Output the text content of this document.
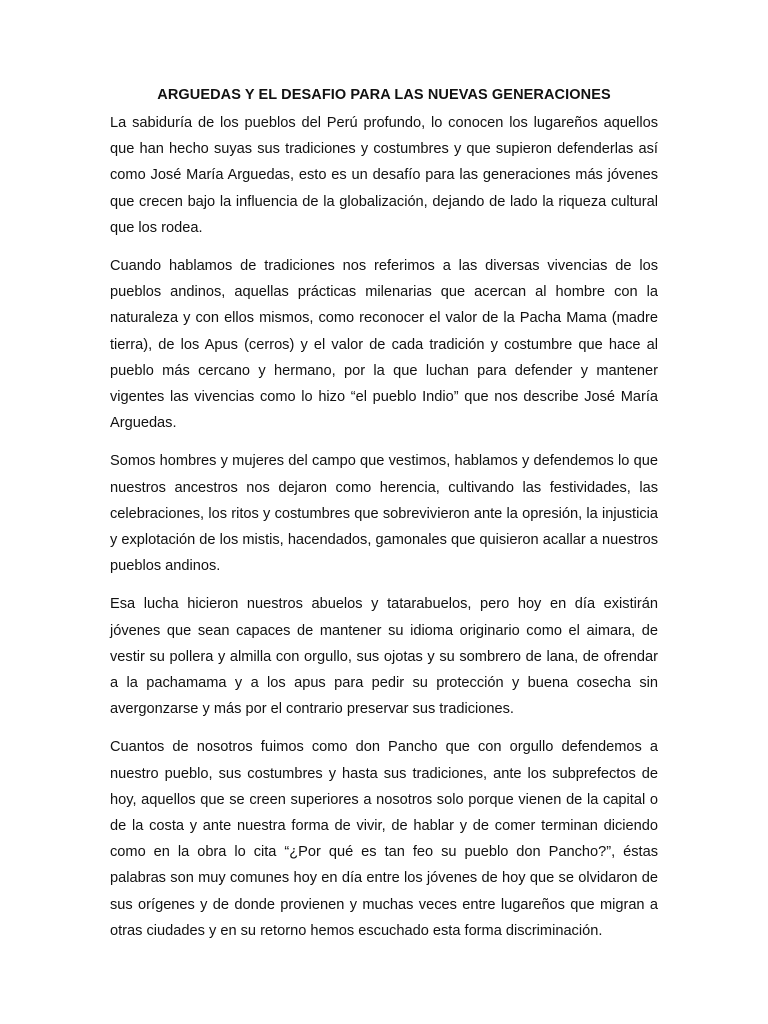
ARGUEDAS Y EL DESAFIO PARA LAS NUEVAS GENERACIONES

La sabiduría de los pueblos del Perú profundo, lo conocen los lugareños aquellos que han hecho suyas sus tradiciones y costumbres y que supieron defenderlas así como José María Arguedas, esto es un desafío para las generaciones más jóvenes que crecen bajo la influencia de la globalización, dejando de lado la riqueza cultural que los rodea.

Cuando hablamos de tradiciones nos referimos a las diversas vivencias de los pueblos andinos, aquellas prácticas milenarias que acercan al hombre con la naturaleza y con ellos mismos, como reconocer el valor de la Pacha Mama (madre tierra), de los Apus (cerros) y el valor de cada tradición y costumbre que hace al pueblo más cercano y hermano, por la que luchan para defender y mantener vigentes las vivencias como lo hizo “el pueblo Indio” que nos describe José María Arguedas.

Somos hombres y mujeres del campo que vestimos, hablamos y defendemos lo que nuestros ancestros nos dejaron como herencia, cultivando las festividades, las celebraciones, los ritos y costumbres que sobrevivieron ante la opresión, la injusticia y explotación de los mistis, hacendados, gamonales que quisieron acallar a nuestros pueblos andinos.

Esa lucha hicieron nuestros abuelos y tatarabuelos, pero hoy en día existirán jóvenes que sean capaces de mantener su idioma originario como el aimara, de vestir su pollera y almilla con orgullo, sus ojotas y su sombrero de lana, de ofrendar a la pachamama y a los apus para pedir su protección y buena cosecha sin avergonzarse y más por el contrario preservar sus tradiciones.

Cuantos de nosotros fuimos como don Pancho que con orgullo defendemos a nuestro pueblo, sus costumbres y hasta sus tradiciones, ante los subprefectos de hoy, aquellos que se creen superiores a nosotros solo porque vienen de la capital o de la costa y ante nuestra forma de vivir, de hablar y de comer terminan diciendo como en la obra lo cita “¿Por qué es tan feo su pueblo don Pancho?”, éstas palabras son muy comunes hoy en día entre los jóvenes de hoy que se olvidaron de sus orígenes y de donde provienen y muchas veces entre lugareños que migran a otras ciudades y en su retorno hemos escuchado esta forma discriminación.
